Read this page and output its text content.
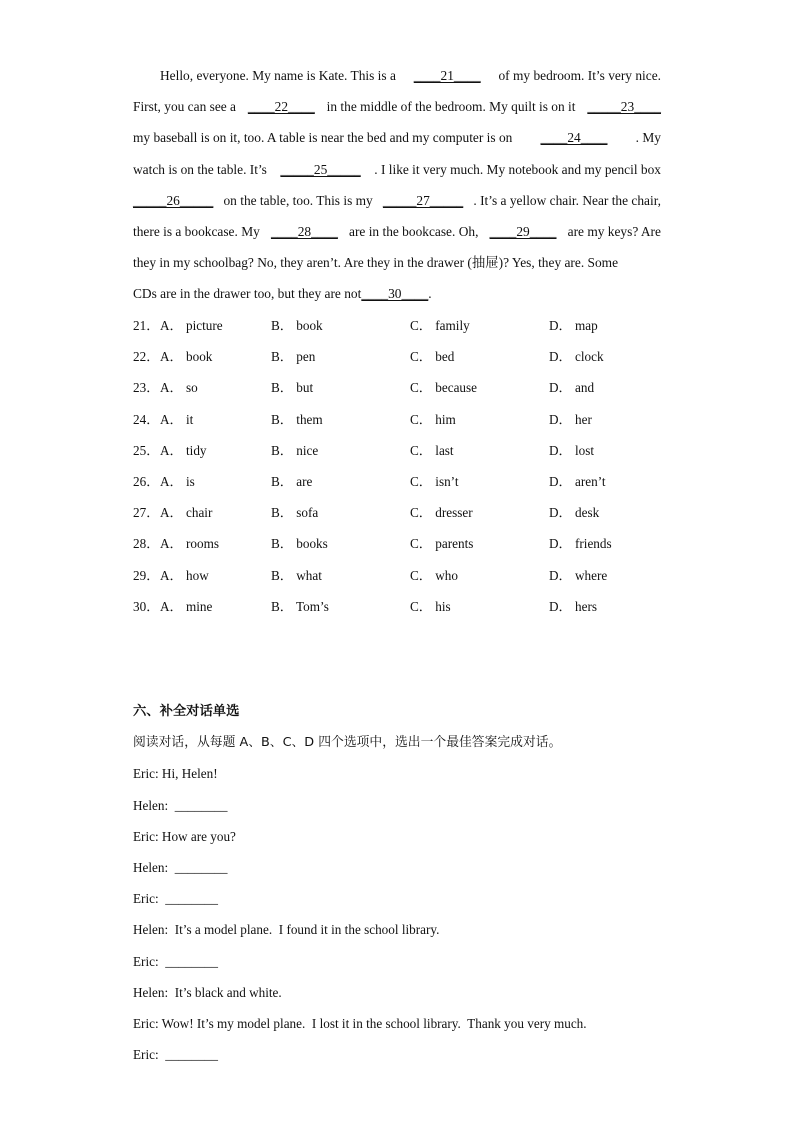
Hello, everyone. My name is Kate. This is a ____21____ of my bedroom. It’s very nice.
First, you can see a ____22____ in the middle of the bedroom. My quilt is on it _____23____
my baseball is on it, too. A table is near the bed and my computer is on ____24____ . My
watch is on the table. It’s _____25_____ . I like it very much. My notebook and my pencil box
_____26_____ on the table, too. This is my _____27_____ . It’s a yellow chair. Near the chair,
there is a bookcase. My ____28____ are in the bookcase. Oh, ____29____ are my keys? Are
they in my schoolbag? No, they aren’t. Are they in the drawer (抽屉)? Yes, they are. Some
CDs are in the drawer too, but they are not ____30____ .
21． A． picture	B． book	C． family	D． map
22． A． book	B． pen	C． bed	D． clock
23． A． so	B． but	C． because	D． and
24． A． it	B． them	C． him	D． her
25． A． tidy	B． nice	C． last	D． lost
26． A． is	B． are	C． isn’t	D． aren’t
27． A． chair	B． sofa	C． dresser	D． desk
28． A． rooms	B． books	C． parents	D． friends
29． A． how	B． what	C． who	D． where
30． A． mine	B． Tom’s	C． his	D． hers
六、补全对话单选
阅读对话，从每题 A、B、C、D 四个选项中，选出一个最佳答案完成对话。
Eric: Hi, Helen!
Helen:  ________
Eric: How are you?
Helen:  ________
Eric:  ________
Helen:  It’s a model plane.  I found it in the school library.
Eric:  ________
Helen:  It’s black and white.
Eric: Wow! It’s my model plane.  I lost it in the school library.  Thank you very much.
Eric:  ________
